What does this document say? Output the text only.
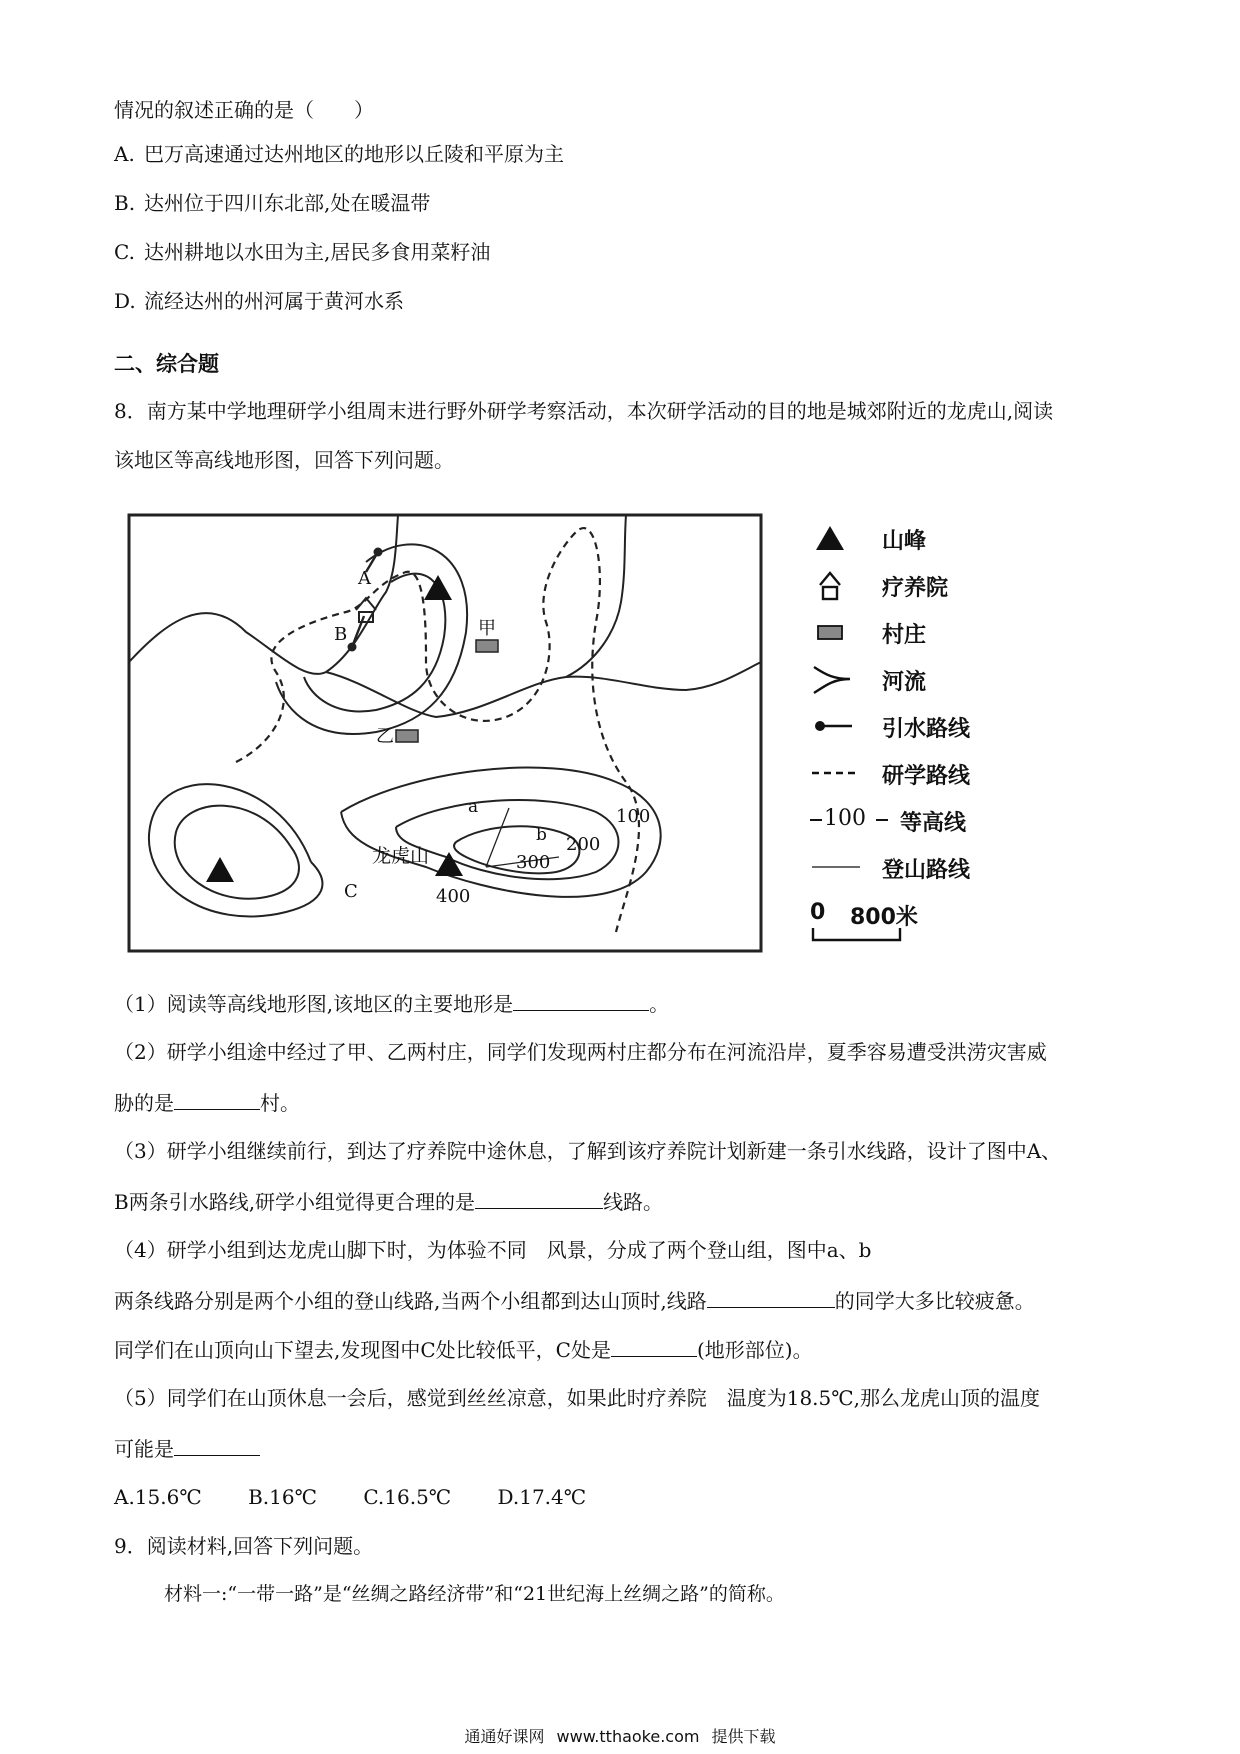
情况的叙述正确的是（　　）
A. 巴万高速通过达州地区的地形以丘陵和平原为主
B. 达州位于四川东北部,处在暖温带
C. 达州耕地以水田为主,居民多食用菜籽油
D. 流经达州的州河属于黄河水系
二、综合题
8．南方某中学地理研学小组周末进行野外研学考察活动，本次研学活动的目的地是城郊附近的龙虎山,阅读
该地区等高线地形图，回答下列问题。
A
B	甲
乙
a
b
C
龙虎山
100
200
300
400
山峰
疗养院
村庄
河流
引水路线
研学路线
100 等高线
登山路线
0 800米
（1）阅读等高线地形图,该地区的主要地形是	。
（2）研学小组途中经过了甲、乙两村庄，同学们发现两村庄都分布在河流沿岸，夏季容易遭受洪涝灾害威
胁的是	村。
（3）研学小组继续前行，到达了疗养院中途休息，了解到该疗养院计划新建一条引水线路，设计了图中A、
B两条引水路线,研学小组觉得更合理的是	线路。
（4）研学小组到达龙虎山脚下时，为体验不同　风景，分成了两个登山组，图中a、b
两条线路分别是两个小组的登山线路,当两个小组都到达山顶时,线路	的同学大多比较疲惫。
同学们在山顶向山下望去,发现图中C处比较低平，C处是	(地形部位)。
（5）同学们在山顶休息一会后，感觉到丝丝凉意，如果此时疗养院　温度为18.5℃,那么龙虎山顶的温度
可能是
A.15.6℃ B.16℃ C.16.5℃ D.17.4℃
9．阅读材料,回答下列问题。
材料一:“一带一路”是“丝绸之路经济带”和“21世纪海上丝绸之路”的简称。
通通好课网 www.tthaoke.com 提供下载
